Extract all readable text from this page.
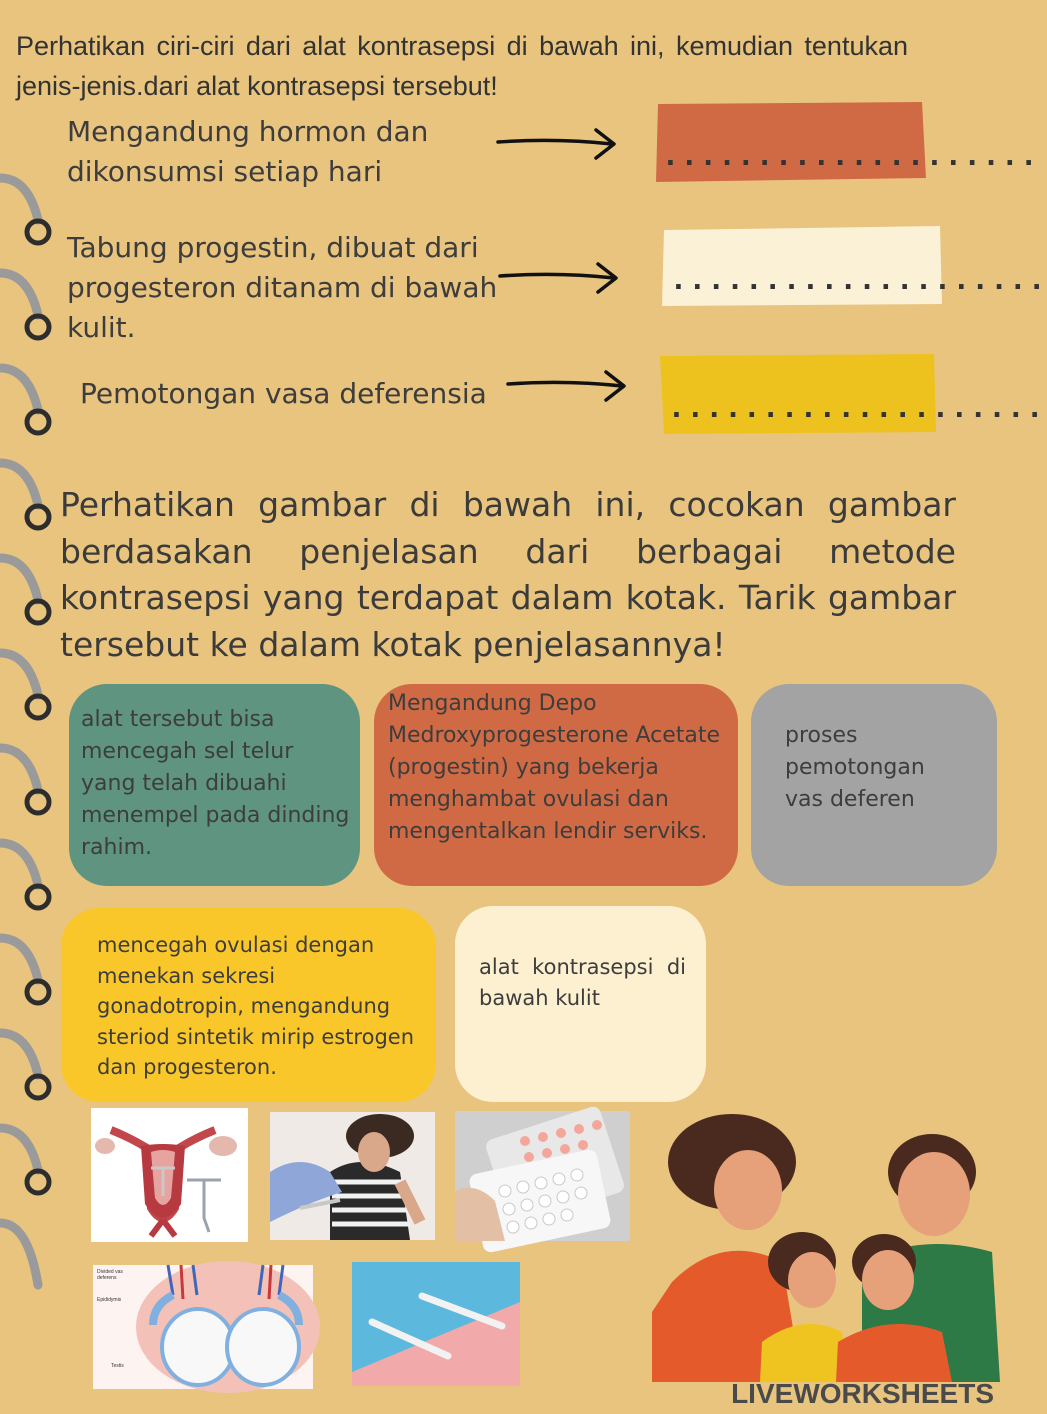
Perhatikan ciri-ciri dari alat kontrasepsi di bawah ini, kemudian tentukan jenis-jenis.dari alat kontrasepsi tersebut!
Mengandung hormon dan dikonsumsi setiap hari	....................
Tabung progestin, dibuat dari progesteron ditanam di bawah kulit.
....................
Pemotongan vasa deferensia	....................
Perhatikan gambar di bawah ini, cocokan gambar berdasakan penjelasan dari berbagai metode kontrasepsi yang terdapat dalam kotak. Tarik gambar tersebut ke dalam kotak penjelasannya!
alat tersebut bisa mencegah sel telur yang telah dibuahi menempel pada dinding rahim.
Mengandung Depo Medroxyprogesterone Acetate (progestin) yang bekerja menghambat ovulasi dan mengentalkan lendir serviks.
proses pemotongan vas deferen
mencegah ovulasi dengan menekan sekresi gonadotropin, mengandung steriod sintetik mirip estrogen dan progesteron.
alat kontrasepsi di bawah kulit
Divided vas deferens
Epididymis
Testis
LIVEWORKSHEETS
